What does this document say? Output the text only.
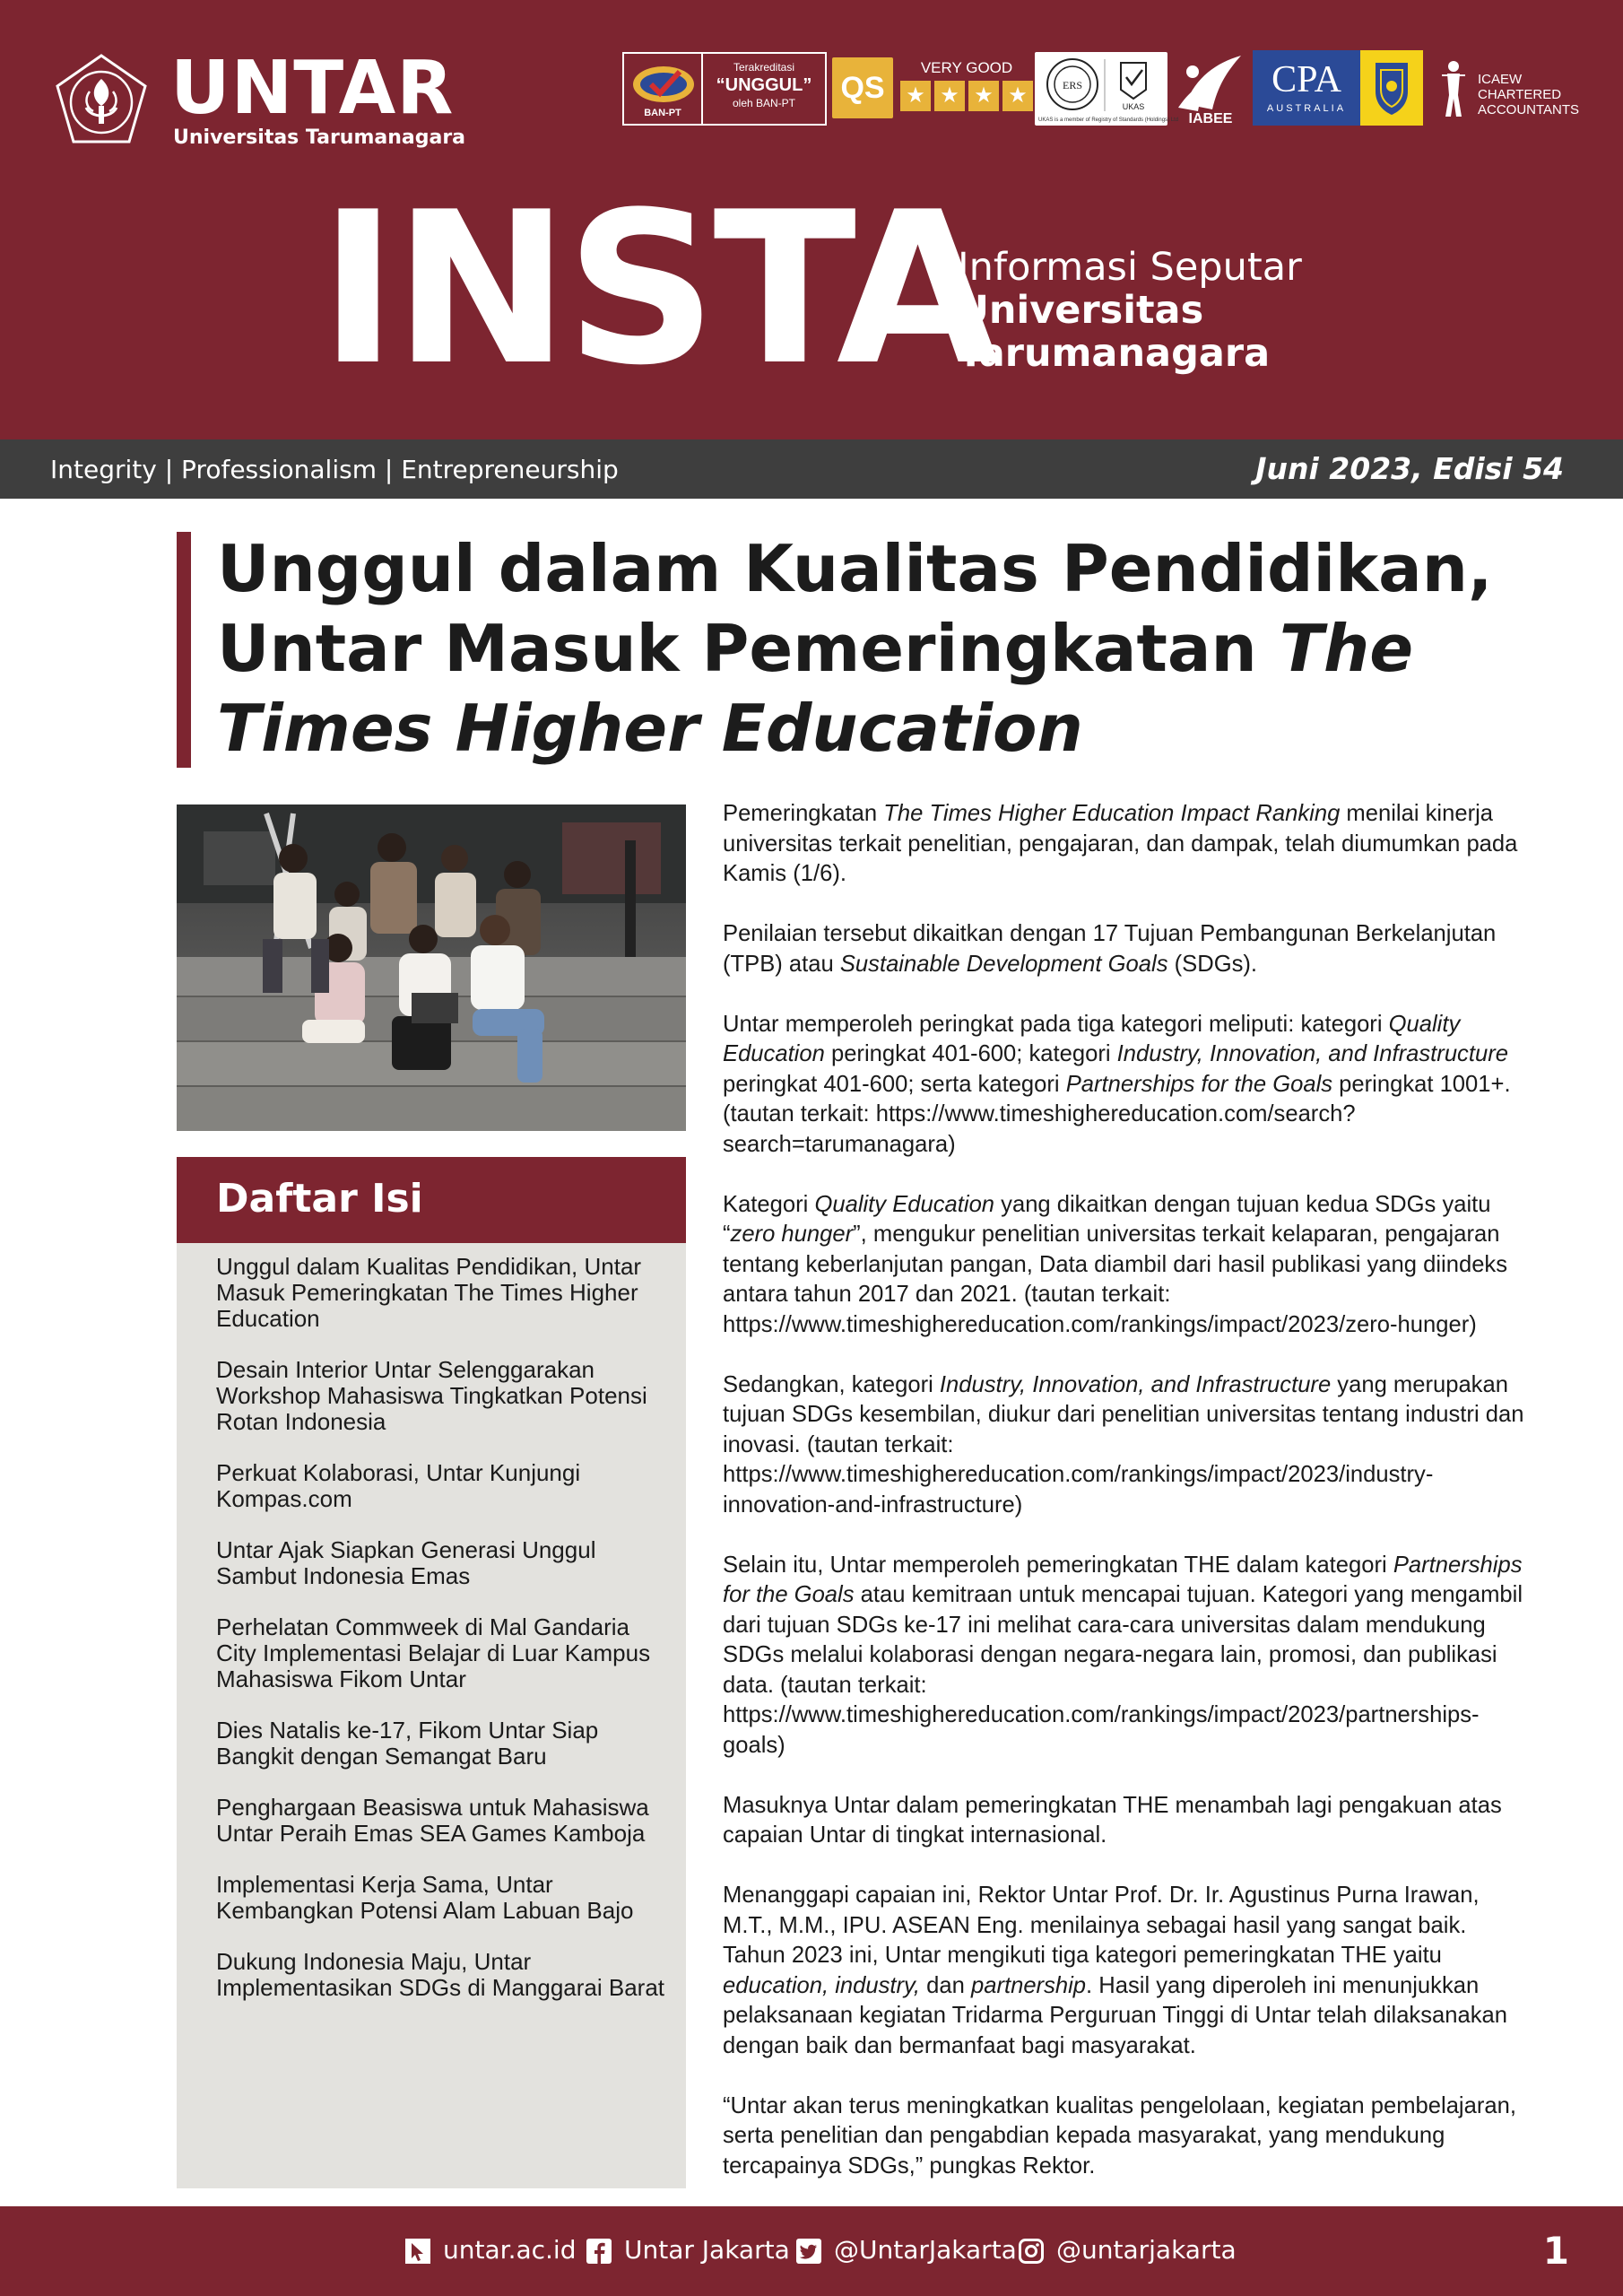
UNTAR
Universitas Tarumanagara
BAN-PT
Terakreditasi
“UNGGUL”
oleh BAN-PT	QS
VERY GOOD
★ ★ ★ ★	ERS
UKAS
UKAS is a member of Registry of Standards (Holdings) Ltd IABEE
CPA
AUSTRALIA
ICAEW
CHARTERED
ACCOUNTANTS
INSTA
Informasi Seputar
Universitas
Tarumanagara
Integrity | Professionalism | Entrepreneurship	Juni 2023, Edisi 54
Unggul dalam Kualitas Pendidikan,
Untar Masuk Pemeringkatan The
Times Higher Education
Daftar Isi
Unggul dalam Kualitas Pendidikan, Untar Masuk Pemeringkatan The Times Higher Education
Desain Interior Untar Selenggarakan Workshop Mahasiswa Tingkatkan Potensi Rotan Indonesia
Perkuat Kolaborasi, Untar Kunjungi Kompas.com
Untar Ajak Siapkan Generasi Unggul Sambut Indonesia Emas
Perhelatan Commweek di Mal Gandaria City Implementasi Belajar di Luar Kampus Mahasiswa Fikom Untar
Dies Natalis ke-17, Fikom Untar Siap Bangkit dengan Semangat Baru
Penghargaan Beasiswa untuk Mahasiswa Untar Peraih Emas SEA Games Kamboja
Implementasi Kerja Sama, Untar Kembangkan Potensi Alam Labuan Bajo
Dukung Indonesia Maju, Untar Implementasikan SDGs di Manggarai Barat

Pemeringkatan The Times Higher Education Impact Ranking menilai kinerja universitas terkait penelitian, pengajaran, dan dampak, telah diumumkan pada Kamis (1/6).

Penilaian tersebut dikaitkan dengan 17 Tujuan Pembangunan Berkelanjutan (TPB) atau Sustainable Development Goals (SDGs).

Untar memperoleh peringkat pada tiga kategori meliputi: kategori Quality Education peringkat 401-600; kategori Industry, Innovation, and Infrastructure peringkat 401-600; serta kategori Partnerships for the Goals peringkat 1001+. (tautan terkait: https://www.timeshighereducation.com/search?search=tarumanagara)

Kategori Quality Education yang dikaitkan dengan tujuan kedua SDGs yaitu “zero hunger”, mengukur penelitian universitas terkait kelaparan, pengajaran tentang keberlanjutan pangan, Data diambil dari hasil publikasi yang diindeks antara tahun 2017 dan 2021. (tautan terkait: https://www.timeshighereducation.com/rankings/impact/2023/zero-hunger)

Sedangkan, kategori Industry, Innovation, and Infrastructure yang merupakan tujuan SDGs kesembilan, diukur dari penelitian universitas tentang industri dan inovasi. (tautan terkait: https://www.timeshighereducation.com/rankings/impact/2023/industry-innovation-and-infrastructure)

Selain itu, Untar memperoleh pemeringkatan THE dalam kategori Partnerships for the Goals atau kemitraan untuk mencapai tujuan. Kategori yang mengambil dari tujuan SDGs ke-17 ini melihat cara-cara universitas dalam mendukung SDGs melalui kolaborasi dengan negara-negara lain, promosi, dan publikasi data. (tautan terkait: https://www.timeshighereducation.com/rankings/impact/2023/partnerships-goals)

Masuknya Untar dalam pemeringkatan THE menambah lagi pengakuan atas capaian Untar di tingkat internasional.

Menanggapi capaian ini, Rektor Untar Prof. Dr. Ir. Agustinus Purna Irawan, M.T., M.M., IPU. ASEAN Eng. menilainya sebagai hasil yang sangat baik. Tahun 2023 ini, Untar mengikuti tiga kategori pemeringkatan THE yaitu education, industry, dan partnership. Hasil yang diperoleh ini menunjukkan pelaksanaan kegiatan Tridarma Perguruan Tinggi di Untar telah dilaksanakan dengan baik dan bermanfaat bagi masyarakat.

“Untar akan terus meningkatkan kualitas pengelolaan, kegiatan pembelajaran, serta penelitian dan pengabdian kepada masyarakat, yang mendukung tercapainya SDGs,” pungkas Rektor.

untar.ac.id Untar Jakarta @UntarJakarta @untarjakarta	1
